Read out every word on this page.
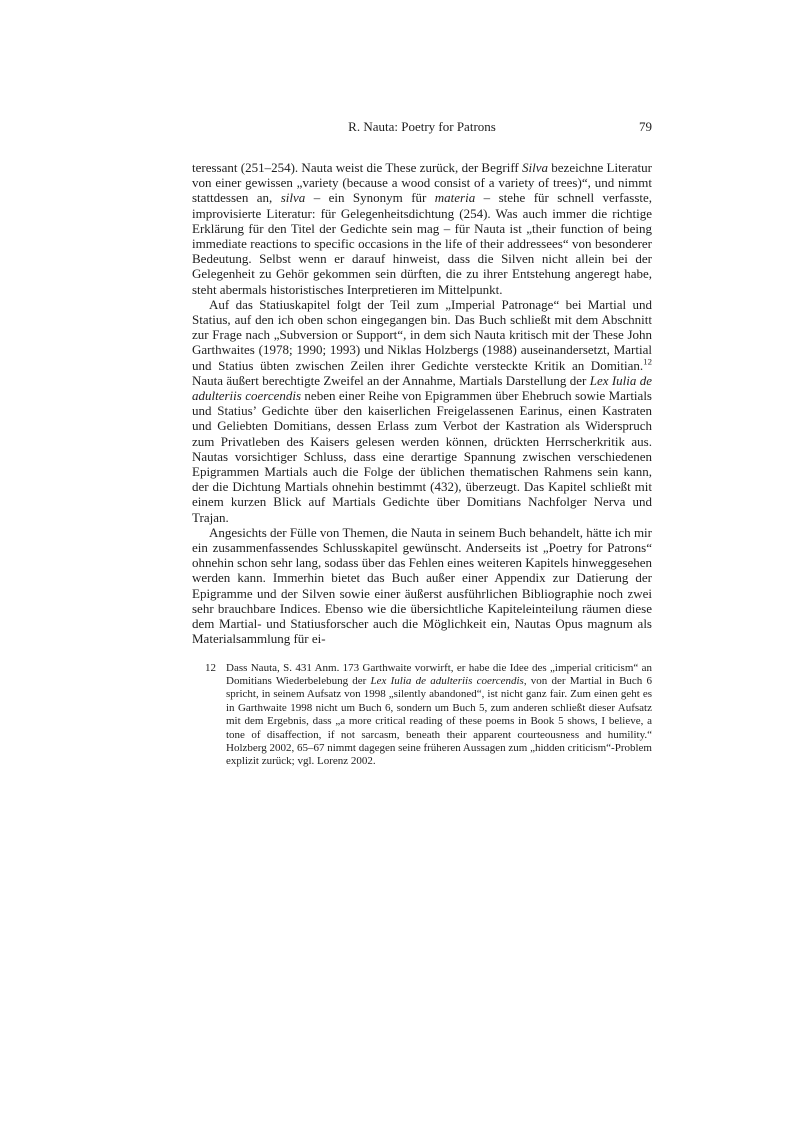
R. Nauta: Poetry for Patrons	79

teressant (251–254). Nauta weist die These zurück, der Begriff Silva bezeichne Literatur von einer gewissen „variety (because a wood consist of a variety of trees)“, und nimmt stattdessen an, silva – ein Synonym für materia – stehe für schnell verfasste, improvisierte Literatur: für Gelegenheitsdichtung (254). Was auch immer die richtige Erklärung für den Titel der Gedichte sein mag – für Nauta ist „their function of being immediate reactions to specific occasions in the life of their addressees“ von besonderer Bedeutung. Selbst wenn er darauf hinweist, dass die Silven nicht allein bei der Gelegenheit zu Gehör gekommen sein dürften, die zu ihrer Entstehung angeregt habe, steht abermals historistisches Interpretieren im Mittelpunkt.

Auf das Statiuskapitel folgt der Teil zum „Imperial Patronage“ bei Martial und Statius, auf den ich oben schon eingegangen bin. Das Buch schließt mit dem Abschnitt zur Frage nach „Subversion or Support“, in dem sich Nauta kritisch mit der These John Garthwaites (1978; 1990; 1993) und Niklas Holzbergs (1988) auseinandersetzt, Martial und Statius übten zwischen Zeilen ihrer Gedichte versteckte Kritik an Domitian.$^{12}$ Nauta äußert berechtigte Zweifel an der Annahme, Martials Darstellung der Lex Iulia de adulteriis coercendis neben einer Reihe von Epigrammen über Ehebruch sowie Martials und Statius’ Gedichte über den kaiserlichen Freigelassenen Earinus, einen Kastraten und Geliebten Domitians, dessen Erlass zum Verbot der Kastration als Widerspruch zum Privatleben des Kaisers gelesen werden können, drückten Herrscherkritik aus. Nautas vorsichtiger Schluss, dass eine derartige Spannung zwischen verschiedenen Epigrammen Martials auch die Folge der üblichen thematischen Rahmens sein kann, der die Dichtung Martials ohnehin bestimmt (432), überzeugt. Das Kapitel schließt mit einem kurzen Blick auf Martials Gedichte über Domitians Nachfolger Nerva und Trajan.

Angesichts der Fülle von Themen, die Nauta in seinem Buch behandelt, hätte ich mir ein zusammenfassendes Schlusskapitel gewünscht. Anderseits ist „Poetry for Patrons“ ohnehin schon sehr lang, sodass über das Fehlen eines weiteren Kapitels hinweggesehen werden kann. Immerhin bietet das Buch außer einer Appendix zur Datierung der Epigramme und der Silven sowie einer äußerst ausführlichen Bibliographie noch zwei sehr brauchbare Indices. Ebenso wie die übersichtliche Kapiteleinteilung räumen diese dem Martial- und Statiusforscher auch die Möglichkeit ein, Nautas Opus magnum als Materialsammlung für ei-

12 Dass Nauta, S. 431 Anm. 173 Garthwaite vorwirft, er habe die Idee des „imperial criticism“ an Domitians Wiederbelebung der Lex Iulia de adulteriis coercendis, von der Martial in Buch 6 spricht, in seinem Aufsatz von 1998 „silently abandoned“, ist nicht ganz fair. Zum einen geht es in Garthwaite 1998 nicht um Buch 6, sondern um Buch 5, zum anderen schließt dieser Aufsatz mit dem Ergebnis, dass „a more critical reading of these poems in Book 5 shows, I believe, a tone of disaffection, if not sarcasm, beneath their apparent courteousness and humility.“ Holzberg 2002, 65–67 nimmt dagegen seine früheren Aussagen zum „hidden criticism“-Problem explizit zurück; vgl. Lorenz 2002.
